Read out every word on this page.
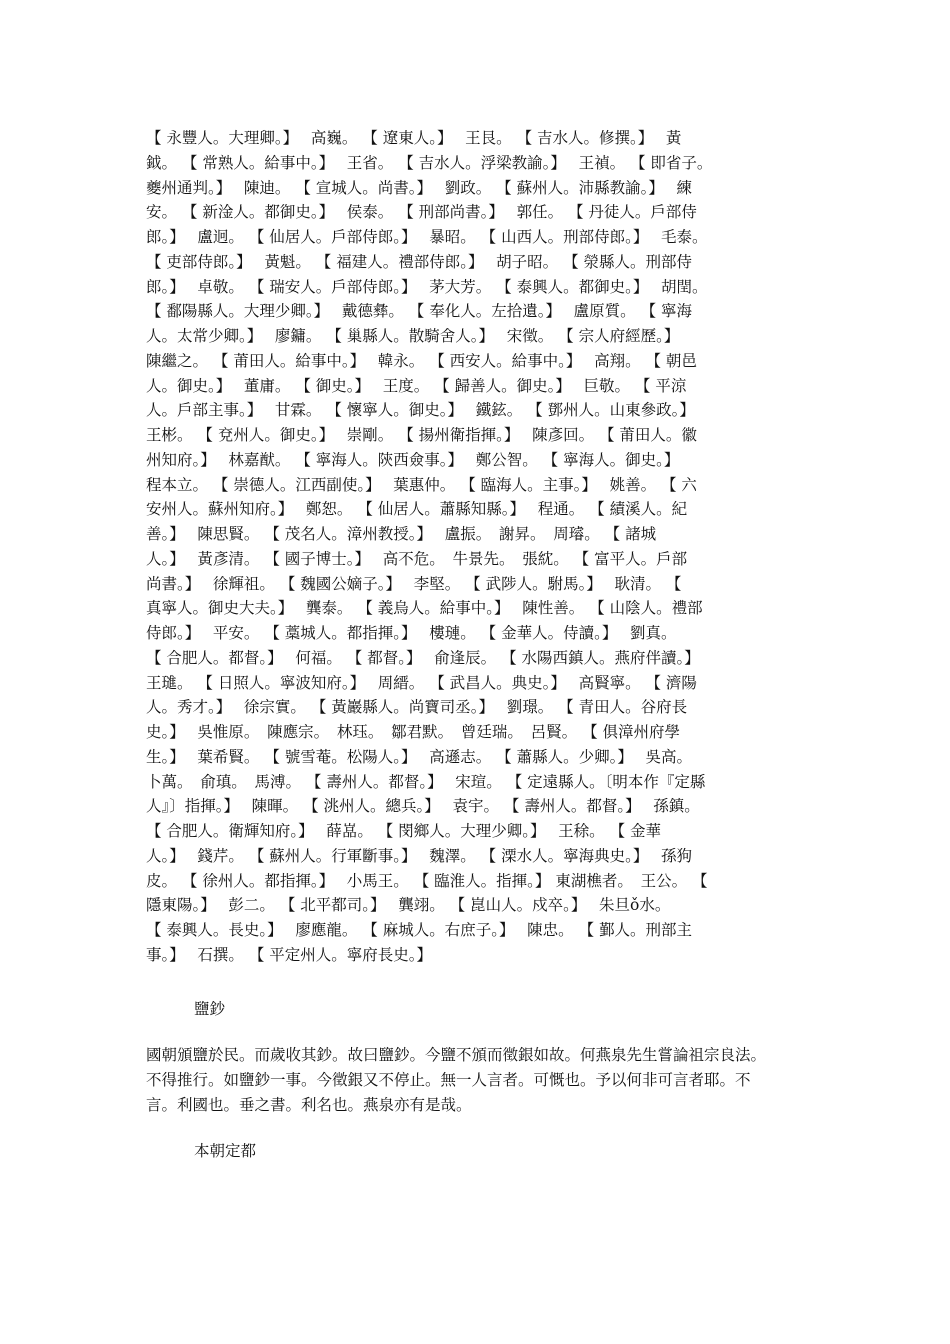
【 永豐人。大理卿。】　 高巍。 【 遼東人。】　 王艮。 【 吉水人。修撰。】　 黃
鉞。 【 常熟人。給事中。】　 王省。 【 吉水人。浮梁教諭。】　 王禎。 【 即省子。
夔州通判。】　 陳迪。 【 宣城人。尚書。】　 劉政。 【 蘇州人。沛縣教諭。】　 練
安。 【 新淦人。都御史。】　 侯泰。 【 刑部尚書。】　 郭任。 【 丹徒人。戶部侍
郎。】　 盧迥。 【 仙居人。戶部侍郎。】　 暴昭。 【 山西人。刑部侍郎。】　 毛泰。
【 吏部侍郎。】　 黃魁。 【 福建人。禮部侍郎。】　 胡子昭。 【 滎縣人。刑部侍
郎。】　 卓敬。 【 瑞安人。戶部侍郎。】　 茅大芳。 【 泰興人。都御史。】　 胡閏。
【 鄱陽縣人。大理少卿。】　 戴德彝。 【 奉化人。左拾遺。】　 盧原質。 【 寧海
人。太常少卿。】　 廖鏞。 【 巢縣人。散騎舍人。】　 宋徵。 【 宗人府經歷。】
陳繼之。 【 莆田人。給事中。】　 韓永。 【 西安人。給事中。】　 高翔。 【 朝邑
人。御史。】　 董庸。 【 御史。】　 王度。 【 歸善人。御史。】　 巨敬。 【 平涼
人。戶部主事。】　 甘霖。 【 懷寧人。御史。】　 鐵鉉。 【 鄧州人。山東參政。】
王彬。 【 兗州人。御史。】　 崇剛。 【 揚州衛指揮。】　 陳彥回。 【 莆田人。徽
州知府。】　 林嘉猷。 【 寧海人。陝西僉事。】　 鄭公智。 【 寧海人。御史。】
程本立。 【 崇德人。江西副使。】　 葉惠仲。 【 臨海人。主事。】　 姚善。 【 六
安州人。蘇州知府。】　 鄭恕。 【 仙居人。蕭縣知縣。】　 程通。 【 績溪人。紀
善。】　 陳思賢。 【 茂名人。漳州教授。】　 盧振。　謝昇。　周璿。 【 諸城
人。】　 黃彥清。 【 國子博士。】　 高不危。　牛景先。　張紞。 【 富平人。戶部
尚書。】　 徐輝祖。 【 魏國公嫡子。】　 李堅。 【 武陟人。駙馬。】　 耿清。 【
真寧人。御史大夫。】　 龔泰。 【 義烏人。給事中。】　 陳性善。 【 山陰人。禮部
侍郎。】　 平安。 【 藁城人。都指揮。】　 樓璉。 【 金華人。侍讀。】　 劉真。
【 合肥人。都督。】　 何福。 【 都督。】　 俞逢辰。 【 水陽西鎮人。燕府伴讀。】
王璡。 【 日照人。寧波知府。】　 周縉。 【 武昌人。典史。】　 高賢寧。 【 濟陽
人。秀才。】　 徐宗實。 【 黃巖縣人。尚寶司丞。】　 劉璟。 【 青田人。谷府長
史。】　 吳惟原。　陳應宗。　林珏。　鄒君默。　曾廷瑞。　呂賢。 【 俱漳州府學
生。】　 葉希賢。 【 號雪菴。松陽人。】　 高遜志。 【 蕭縣人。少卿。】　 吳高。
卜萬。　俞瑱。　馬溥。 【 壽州人。都督。】　 宋瑄。 【 定遠縣人。〔明本作『定縣
人』〕指揮。】　 陳暉。 【 洮州人。總兵。】　 袁宇。 【 壽州人。都督。】　 孫鎮。
【 合肥人。衛輝知府。】　 薛嵓。 【 閔鄉人。大理少卿。】　 王稌。 【 金華
人。】　 錢芹。 【 蘇州人。行軍斷事。】　 魏澤。 【 溧水人。寧海典史。】　 孫狗
皮。 【 徐州人。都指揮。】　 小馬王。 【 臨淮人。指揮。】 東湖樵者。　王公。 【
隱東陽。】　 彭二。 【 北平都司。】　 龔翊。 【 崑山人。戍卒。】　 朱旦ǒ水。
【 泰興人。長史。】　 廖應龍。 【 麻城人。右庶子。】　 陳忠。 【 鄞人。刑部主
事。】　 石撰。 【 平定州人。寧府長史。】
鹽鈔
國朝頒鹽於民。而歲收其鈔。故曰鹽鈔。今鹽不頒而徵銀如故。何燕泉先生嘗論祖宗良法。
不得推行。如鹽鈔一事。今徵銀又不停止。無一人言者。可慨也。予以何非可言者耶。不
言。利國也。垂之書。利名也。燕泉亦有是哉。
本朝定都
